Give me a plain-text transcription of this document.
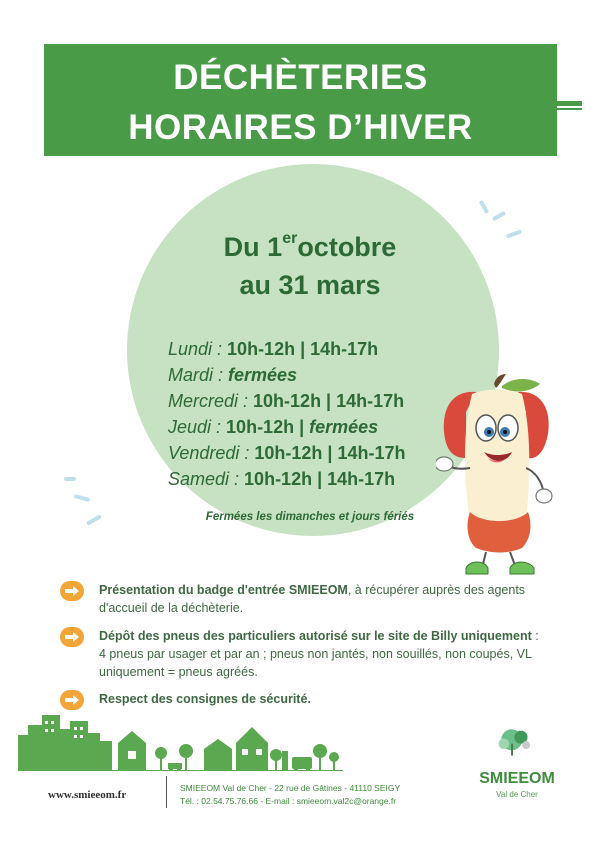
DÉCHÈTERIES
HORAIRES D’HIVER
Du 1eroctobre
au 31 mars
Lundi : 10h-12h | 14h-17h
Mardi : fermées
Mercredi : 10h-12h | 14h-17h
Jeudi : 10h-12h | fermées
Vendredi : 10h-12h | 14h-17h
Samedi : 10h-12h | 14h-17h
Fermées les dimanches et jours fériés
Présentation du badge d'entrée SMIEEOM, à récupérer auprès des agents d'accueil de la déchèterie.
Dépôt des pneus des particuliers autorisé sur le site de Billy uniquement : 4 pneus par usager et par an ; pneus non jantés, non souillés, non coupés, VL uniquement = pneus agréés.
Respect des consignes de sécurité.
www.smieeom.fr
SMIEEOM Val de Cher - 22 rue de Gâtines - 41110 SEIGY
Tél. : 02.54.75.76.66 - E-mail : smieeom.val2c@orange.fr
SMIEEOM
Val de Cher
